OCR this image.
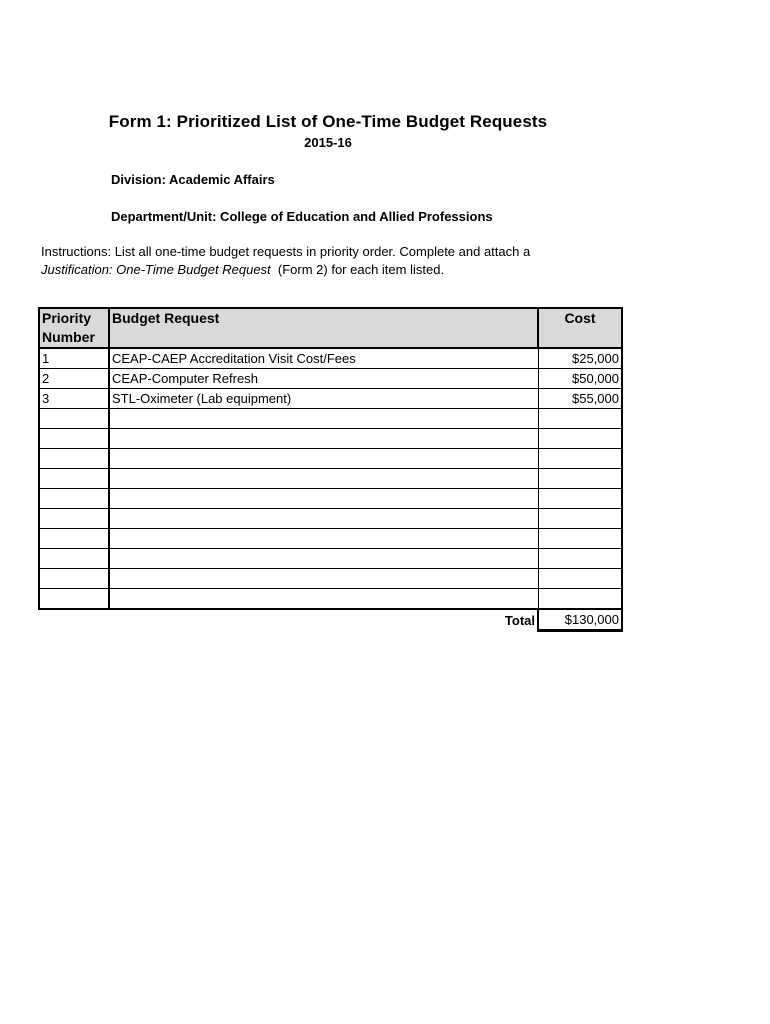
Form 1: Prioritized List of One-Time Budget Requests
2015-16
Division: Academic Affairs
Department/Unit: College of Education and Allied Professions
Instructions: List all one-time budget requests in priority order. Complete and attach a
Justification: One-Time Budget Request  (Form 2) for each item listed.
Priority
Number	Budget Request	Cost
1	CEAP-CAEP Accreditation Visit Cost/Fees	$25,000
2	CEAP-Computer Refresh	$50,000
3	STL-Oximeter (Lab equipment)	$55,000

	Total	$130,000
